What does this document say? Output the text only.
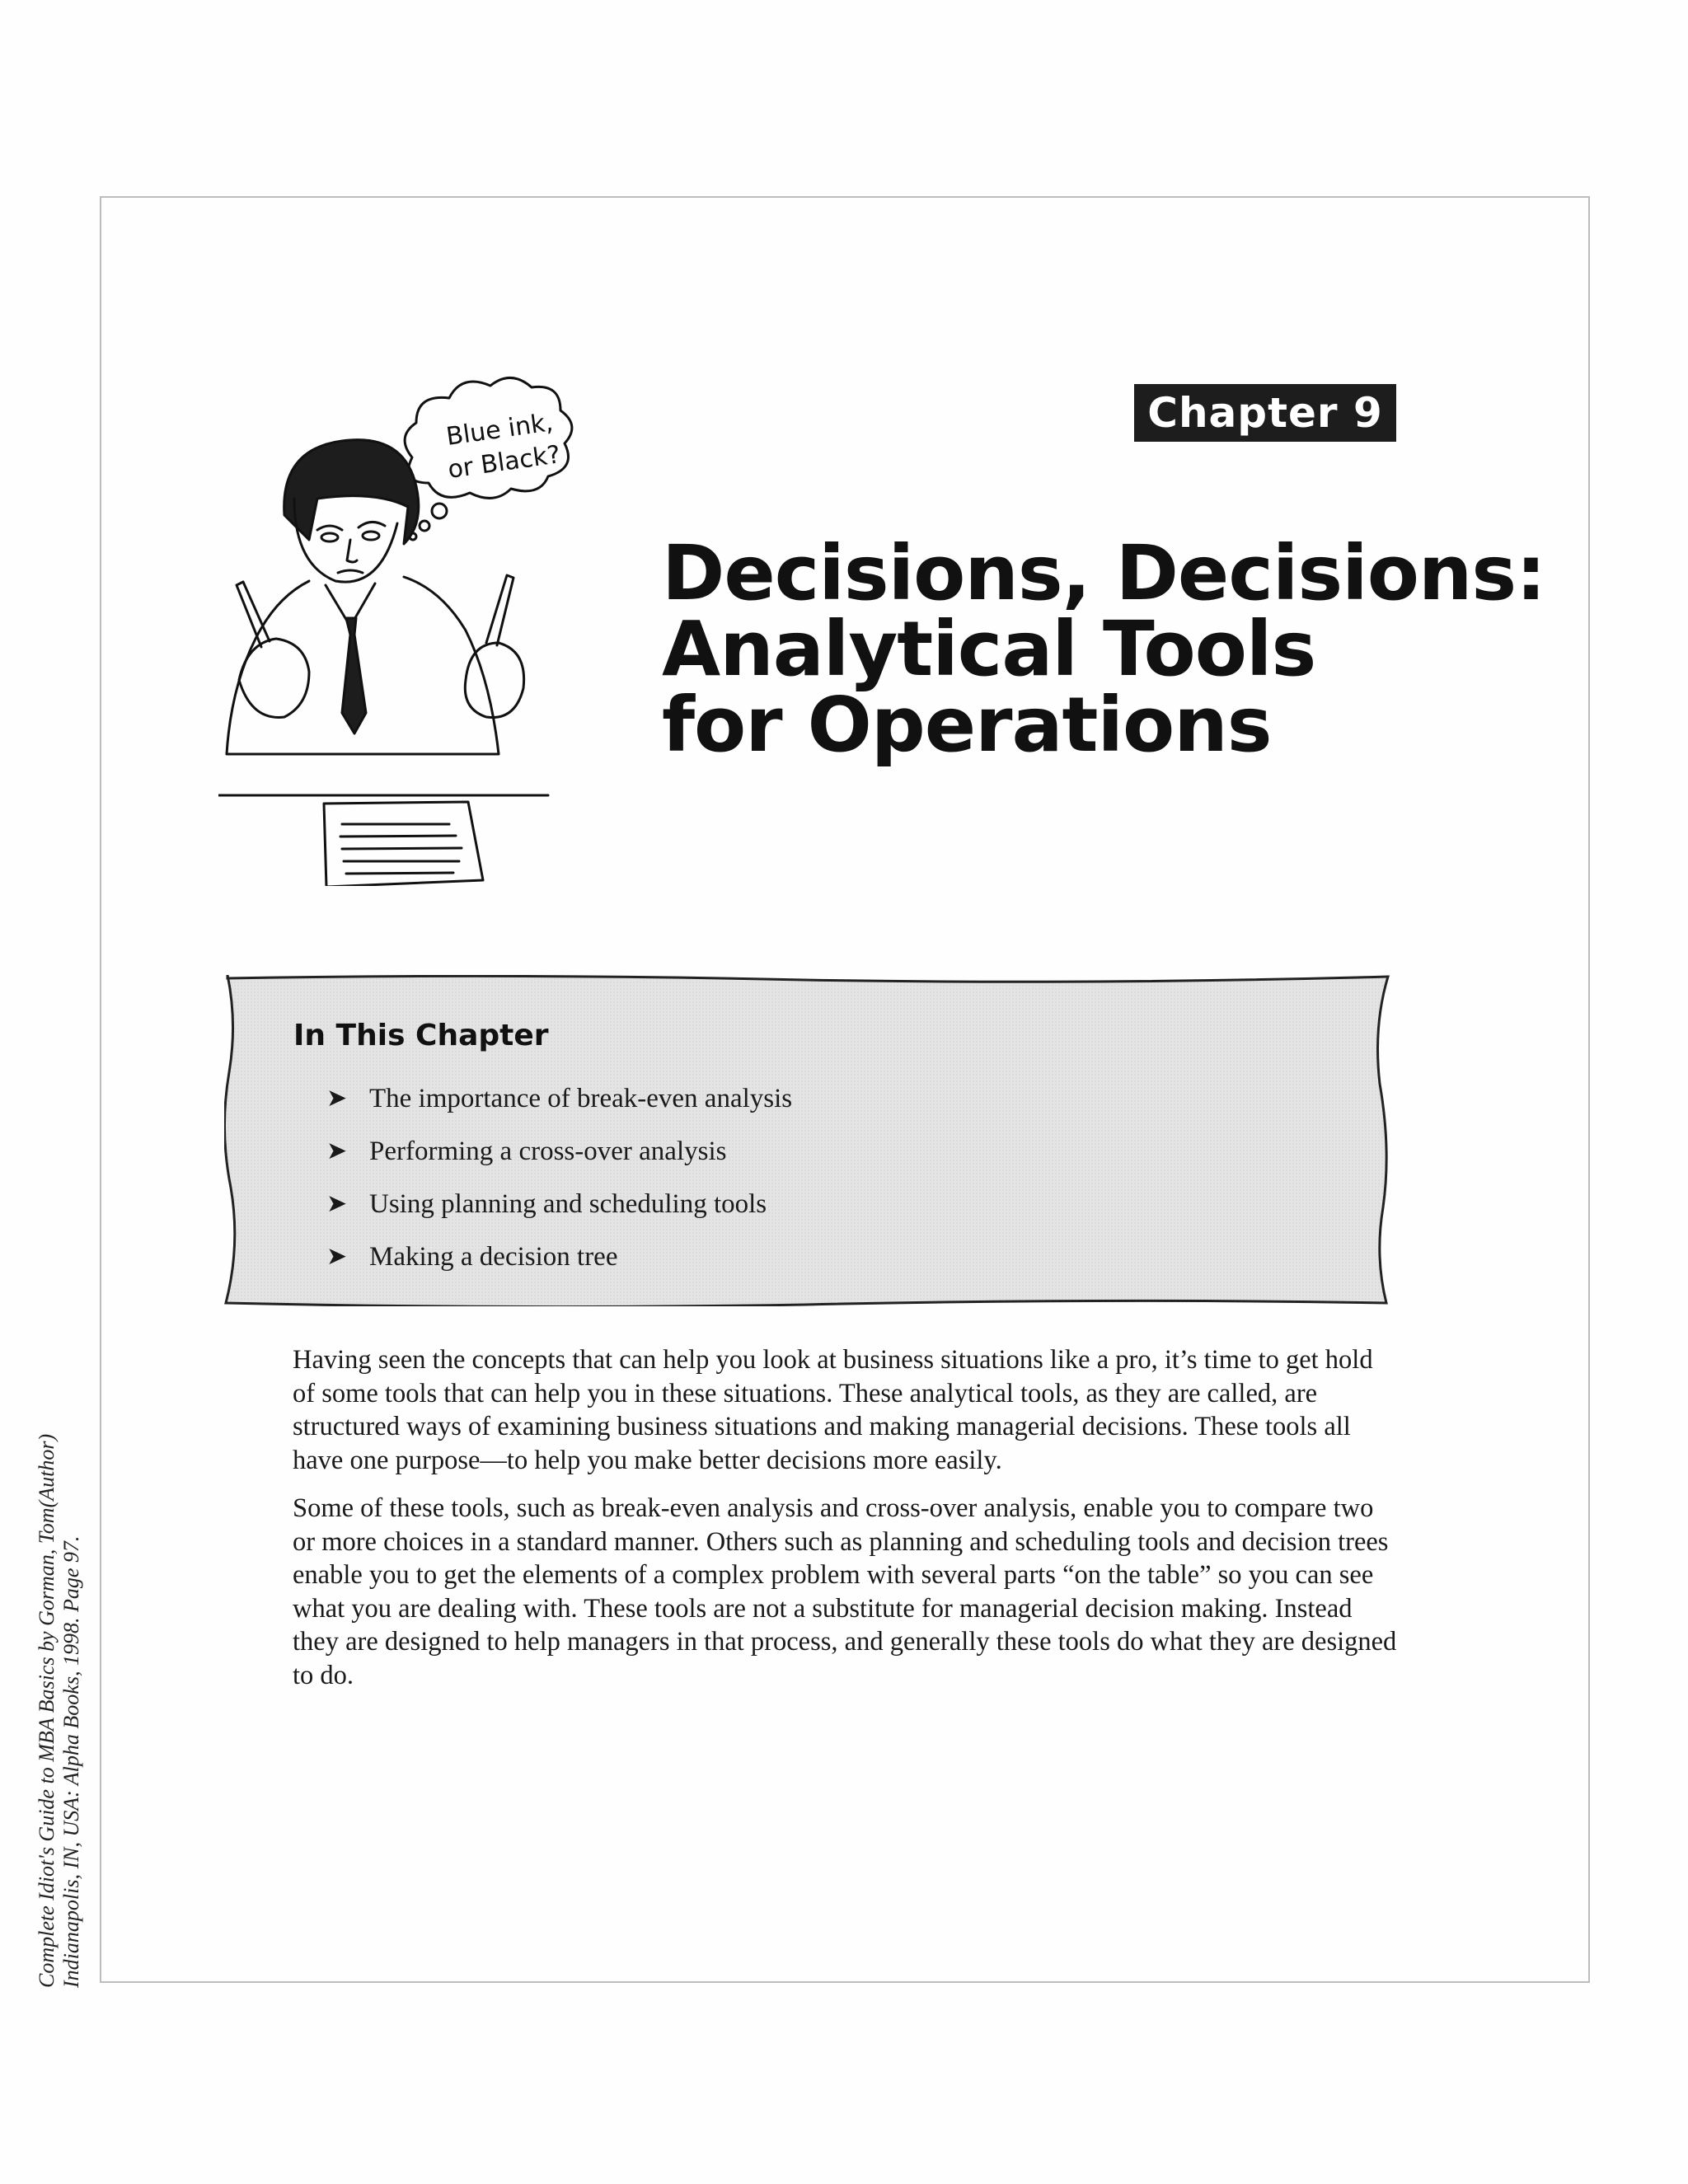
Chapter 9
Decisions, Decisions:
Analytical Tools
for Operations
Blue ink,
or Black?
In This Chapter
➤ The importance of break-even analysis
➤ Performing a cross-over analysis
➤ Using planning and scheduling tools
➤ Making a decision tree

Having seen the concepts that can help you look at business situations like a pro, it’s time to get hold of some tools that can help you in these situations. These analytical tools, as they are called, are structured ways of examining business situations and making managerial decisions. These tools all have one purpose—to help you make better decisions more easily.

Some of these tools, such as break-even analysis and cross-over analysis, enable you to compare two or more choices in a standard manner. Others such as planning and scheduling tools and decision trees enable you to get the elements of a complex problem with several parts “on the table” so you can see what you are dealing with. These tools are not a substitute for managerial decision making. Instead they are designed to help managers in that process, and generally these tools do what they are designed to do.

Complete Idiot's Guide to MBA Basics by Gorman, Tom(Author) Indianapolis, IN, USA: Alpha Books, 1998. Page 97.
